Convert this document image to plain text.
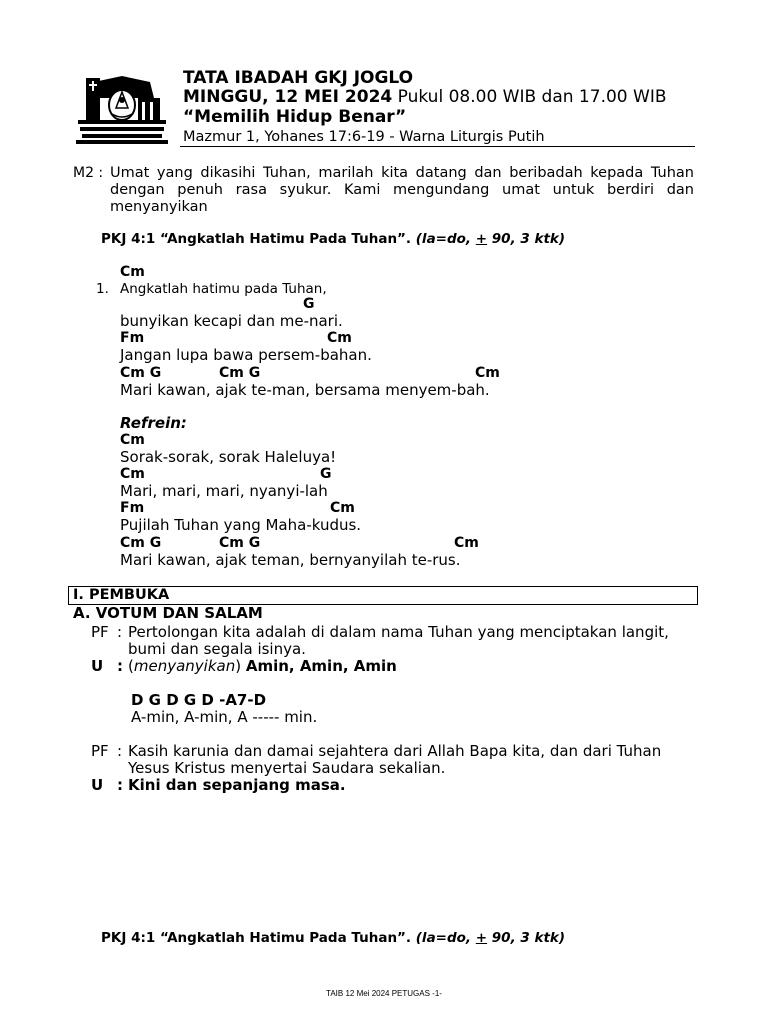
TATA IBADAH GKJ JOGLO
MINGGU, 12 MEI 2024 Pukul 08.00 WIB dan 17.00 WIB
“Memilih Hidup Benar”
Mazmur 1, Yohanes 17:6-19 - Warna Liturgis Putih
M2 : Umat yang dikasihi Tuhan, marilah kita datang dan beribadah kepada Tuhan dengan penuh rasa syukur. Kami mengundang umat untuk berdiri dan menyanyikan
PKJ 4:1 “Angkatlah Hatimu Pada Tuhan”. (la=do, + 90, 3 ktk)
Cm
1. Angkatlah hatimu pada Tuhan,
G
bunyikan kecapi dan me-nari.
Fm	Cm
Jangan lupa bawa persem-bahan.
Cm G	Cm G	Cm
Mari kawan, ajak te-man, bersama menyem-bah.
Refrein:
Cm
Sorak-sorak, sorak Haleluya!
Cm	G
Mari, mari, mari, nyanyi-lah
Fm	Cm
Pujilah Tuhan yang Maha-kudus.
Cm G	Cm G	Cm
Mari kawan, ajak teman, bernyanyilah te-rus.
I. PEMBUKA
A. VOTUM DAN SALAM
PF : Pertolongan kita adalah di dalam nama Tuhan yang menciptakan langit,
bumi dan segala isinya.
U : (menyanyikan) Amin, Amin, Amin
D G D G D -A7-D
A-min, A-min, A ----- min.
PF : Kasih karunia dan damai sejahtera dari Allah Bapa kita, dan dari Tuhan
Yesus Kristus menyertai Saudara sekalian.
U : Kini dan sepanjang masa.
PKJ 4:1 “Angkatlah Hatimu Pada Tuhan”. (la=do, + 90, 3 ktk)
TAIB 12 Mei 2024 PETUGAS -1-
